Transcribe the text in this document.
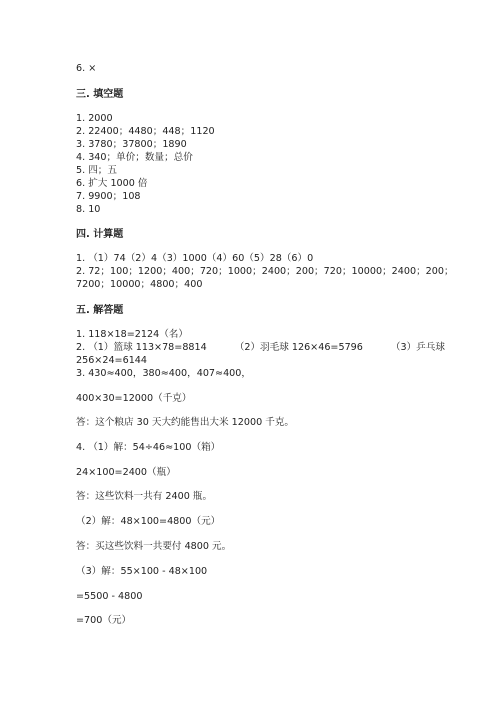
6. ×
三. 填空题
1. 2000
2. 22400；4480；448；1120
3. 3780；37800；1890
4. 340；单价；数量；总价
5. 四；五
6. 扩大 1000 倍
7. 9900；108
8. 10
四. 计算题
1. （1）74（2）4（3）1000（4）60（5）28（6）0
2. 72；100；1200；400；720；1000；2400；200；720；10000；2400；200；
7200；10000；4800；400
五. 解答题
1. 118×18=2124（名）
2. （1）篮球 113×78=8814	（2）羽毛球 126×46=5796	（3）乒乓球
256×24=6144
3. 430≈400，380≈400，407≈400，
400×30=12000（千克）
答：这个粮店 30 天大约能售出大米 12000 千克。
4. （1）解：54÷46≈100（箱）
24×100=2400（瓶）
答：这些饮料一共有 2400 瓶。
（2）解：48×100=4800（元）
答：买这些饮料一共要付 4800 元。
（3）解：55×100 - 48×100
=5500 - 4800
=700（元）
